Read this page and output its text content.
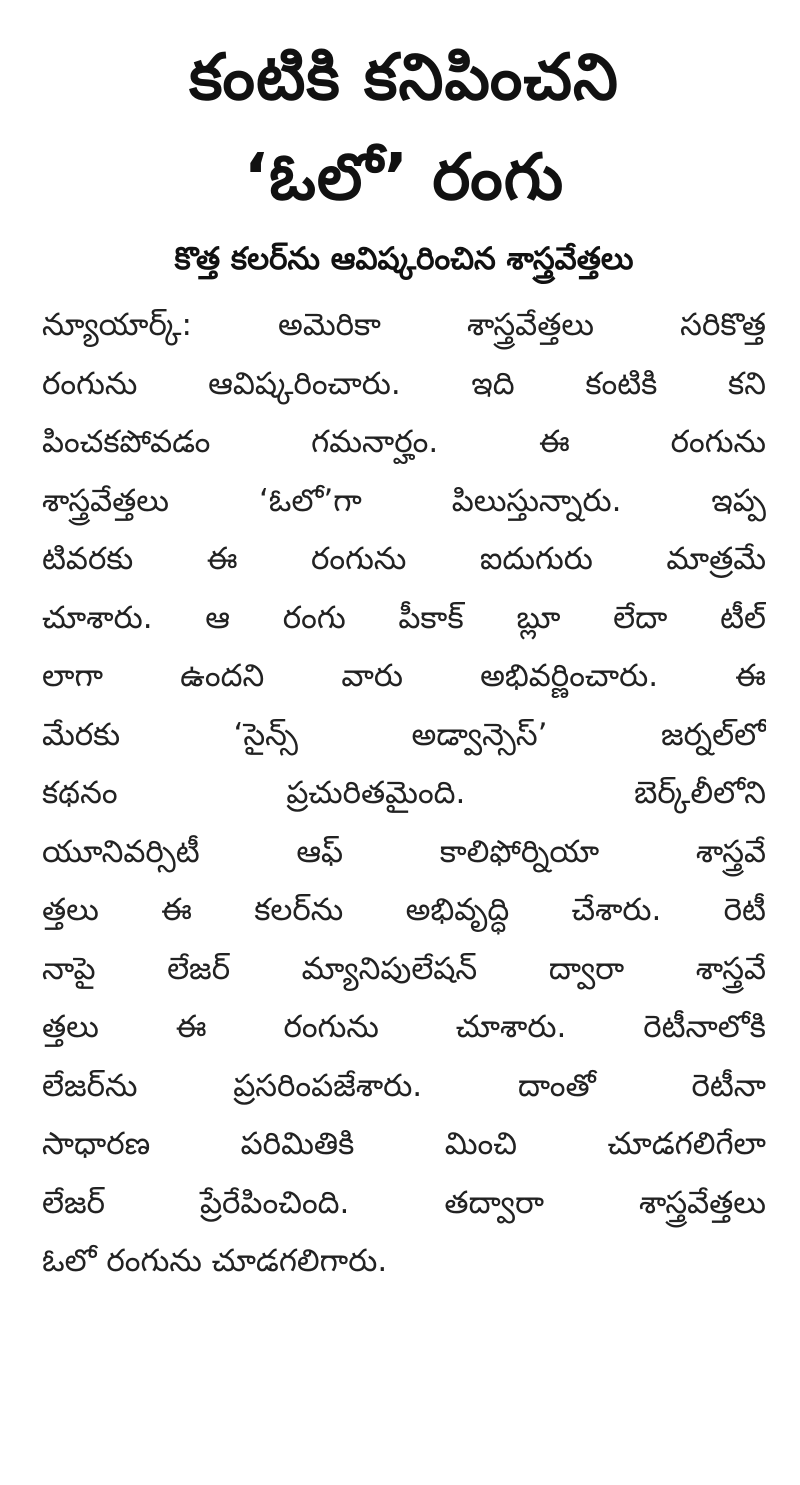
కంటికి కనిపించని
‘ఓలో’ రంగు
కొత్త కలర్‌ను ఆవిష్కరించిన శాస్త్రవేత్తలు
న్యూయార్క్‌: అమెరికా శాస్త్రవేత్తలు సరికొత్త
రంగును ఆవిష్కరించారు. ఇది కంటికి కని
పించకపోవడం గమనార్హం. ఈ రంగును
శాస్త్రవేత్తలు ‘ఓలో’గా పిలుస్తున్నారు. ఇప్ప
టివరకు ఈ రంగును ఐదుగురు మాత్రమే
చూశారు. ఆ రంగు పీకాక్‌ బ్లూ లేదా టీల్‌
లాగా ఉందని వారు అభివర్ణించారు. ఈ
మేరకు ‘సైన్స్‌ అడ్వాన్సెస్‌’ జర్నల్‌లో
కథనం ప్రచురితమైంది. బెర్క్‌లీలోని
యూనివర్సిటీ ఆఫ్‌ కాలిఫోర్నియా శాస్త్రవే
త్తలు ఈ కలర్‌ను అభివృద్ధి చేశారు. రెటీ
నాపై లేజర్‌ మ్యానిపులేషన్‌ ద్వారా శాస్త్రవే
త్తలు ఈ రంగును చూశారు. రెటీనాలోకి
లేజర్‌ను ప్రసరింపజేశారు. దాంతో రెటీనా
సాధారణ పరిమితికి మించి చూడగలిగేలా
లేజర్‌ ప్రేరేపించింది. తద్వారా శాస్త్రవేత్తలు
ఓలో రంగును చూడగలిగారు.
